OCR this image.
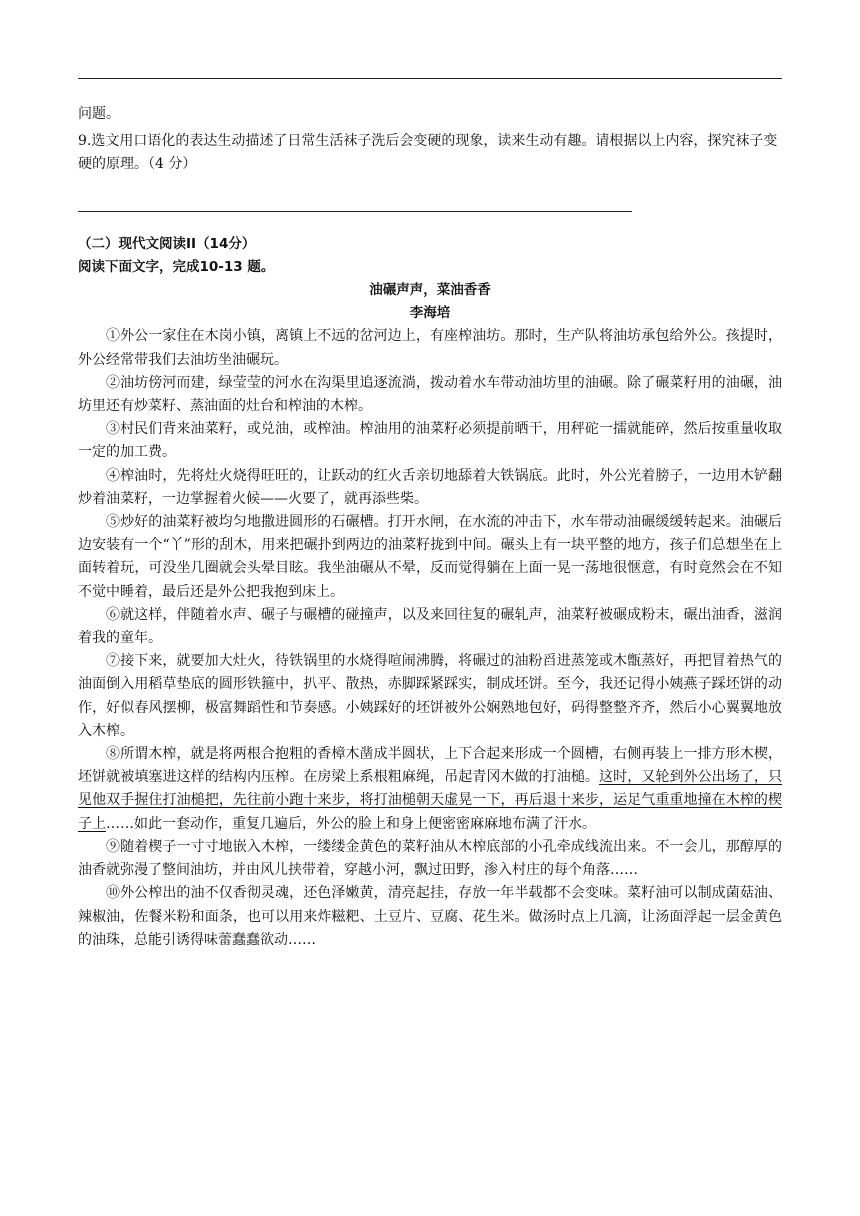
问题。

9.选文用口语化的表达生动描述了日常生活袜子洗后会变硬的现象，读来生动有趣。请根据以上内容，探究袜子变硬的原理。（4 分）

（二）现代文阅读II（14分）

阅读下面文字，完成10-13 题。

油碾声声，菜油香香

李海培

①外公一家住在木岗小镇，离镇上不远的岔河边上，有座榨油坊。那时，生产队将油坊承包给外公。孩提时，外公经常带我们去油坊坐油碾玩。

②油坊傍河而建，绿莹莹的河水在沟渠里追逐流淌，拨动着水车带动油坊里的油碾。除了碾菜籽用的油碾，油坊里还有炒菜籽、蒸油面的灶台和榨油的木榨。

③村民们背来油菜籽，或兑油，或榨油。榨油用的油菜籽必须提前晒干，用秤砣一擂就能碎，然后按重量收取一定的加工费。

④榨油时，先将灶火烧得旺旺的，让跃动的红火舌亲切地舔着大铁锅底。此时，外公光着膀子，一边用木铲翻炒着油菜籽，一边掌握着火候——火要了，就再添些柴。

⑤炒好的油菜籽被均匀地撒进圆形的石碾槽。打开水闸，在水流的冲击下，水车带动油碾缓缓转起来。油碾后边安装有一个“丫”形的刮木，用来把碾扑到两边的油菜籽拢到中间。碾头上有一块平整的地方，孩子们总想坐在上面转着玩，可没坐几圈就会头晕目眩。我坐油碾从不晕，反而觉得躺在上面一晃一荡地很惬意，有时竟然会在不知不觉中睡着，最后还是外公把我抱到床上。

⑥就这样，伴随着水声、碾子与碾槽的碰撞声，以及来回往复的碾轧声，油菜籽被碾成粉末，碾出油香，滋润着我的童年。

⑦接下来，就要加大灶火，待铁锅里的水烧得喧闹沸腾，将碾过的油粉舀进蒸笼或木甑蒸好，再把冒着热气的油面倒入用稻草垫底的圆形铁箍中，扒平、散热，赤脚踩紧踩实，制成坯饼。至今，我还记得小姨燕子踩坯饼的动作，好似春风摆柳，极富舞蹈性和节奏感。小姨踩好的坯饼被外公娴熟地包好，码得整整齐齐，然后小心翼翼地放入木榨。

⑧所谓木榨，就是将两根合抱粗的香樟木凿成半圆状，上下合起来形成一个圆槽，右侧再装上一排方形木楔，坯饼就被填塞进这样的结构内压榨。在房梁上系根粗麻绳，吊起青冈木做的打油槌。这时，又轮到外公出场了，只见他双手握住打油槌把，先往前小跑十来步，将打油槌朝天虚晃一下，再后退十来步，运足气重重地撞在木榨的楔子上……如此一套动作，重复几遍后，外公的脸上和身上便密密麻麻地布满了汗水。

⑨随着楔子一寸寸地嵌入木榨，一缕缕金黄色的菜籽油从木榨底部的小孔牵成线流出来。不一会儿，那醇厚的油香就弥漫了整间油坊，并由风儿挟带着，穿越小河，飘过田野，渗入村庄的每个角落……

⑩外公榨出的油不仅香彻灵魂，还色泽嫩黄，清亮起挂，存放一年半载都不会变味。菜籽油可以制成菌菇油、辣椒油，佐餐米粉和面条，也可以用来炸糍粑、土豆片、豆腐、花生米。做汤时点上几滴，让汤面浮起一层金黄色的油珠，总能引诱得味蕾蠢蠢欲动……
